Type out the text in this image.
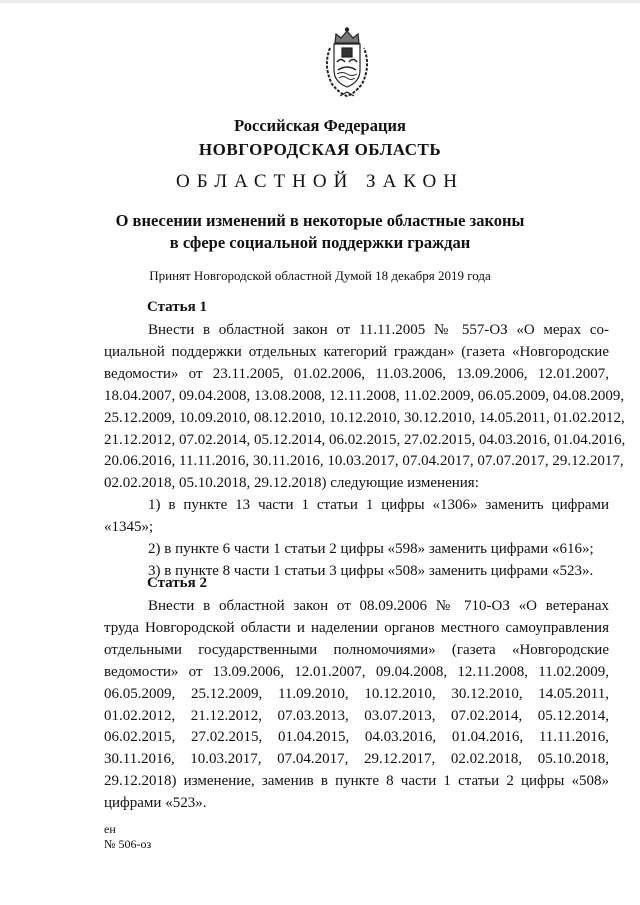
Российская Федерация
НОВГОРОДСКАЯ ОБЛАСТЬ
ОБЛАСТНОЙ ЗАКОН
О внесении изменений в некоторые областные законы
в сфере социальной поддержки граждан
Принят Новгородской областной Думой 18 декабря 2019 года
Статья 1
Внести в областной закон от 11.11.2005 № 557-ОЗ «О мерах со-
циальной поддержки отдельных категорий граждан» (газета «Новгородские
ведомости» от 23.11.2005, 01.02.2006, 11.03.2006, 13.09.2006, 12.01.2007,
18.04.2007, 09.04.2008, 13.08.2008, 12.11.2008, 11.02.2009, 06.05.2009, 04.08.2009,
25.12.2009, 10.09.2010, 08.12.2010, 10.12.2010, 30.12.2010, 14.05.2011, 01.02.2012,
21.12.2012, 07.02.2014, 05.12.2014, 06.02.2015, 27.02.2015, 04.03.2016, 01.04.2016,
20.06.2016, 11.11.2016, 30.11.2016, 10.03.2017, 07.04.2017, 07.07.2017, 29.12.2017,
02.02.2018, 05.10.2018, 29.12.2018) следующие изменения:
1) в пункте 13 части 1 статьи 1 цифры «1306» заменить цифрами
«1345»;
2) в пункте 6 части 1 статьи 2 цифры «598» заменить цифрами «616»;
3) в пункте 8 части 1 статьи 3 цифры «508» заменить цифрами «523».
Статья 2
Внести в областной закон от 08.09.2006 № 710-ОЗ «О ветеранах
труда Новгородской области и наделении органов местного самоуправления
отдельными государственными полномочиями» (газета «Новгородские
ведомости» от 13.09.2006, 12.01.2007, 09.04.2008, 12.11.2008, 11.02.2009,
06.05.2009, 25.12.2009, 11.09.2010, 10.12.2010, 30.12.2010, 14.05.2011,
01.02.2012, 21.12.2012, 07.03.2013, 03.07.2013, 07.02.2014, 05.12.2014,
06.02.2015, 27.02.2015, 01.04.2015, 04.03.2016, 01.04.2016, 11.11.2016,
30.11.2016, 10.03.2017, 07.04.2017, 29.12.2017, 02.02.2018, 05.10.2018,
29.12.2018) изменение, заменив в пункте 8 части 1 статьи 2 цифры «508»
цифрами «523».
ен
№ 506-оз
